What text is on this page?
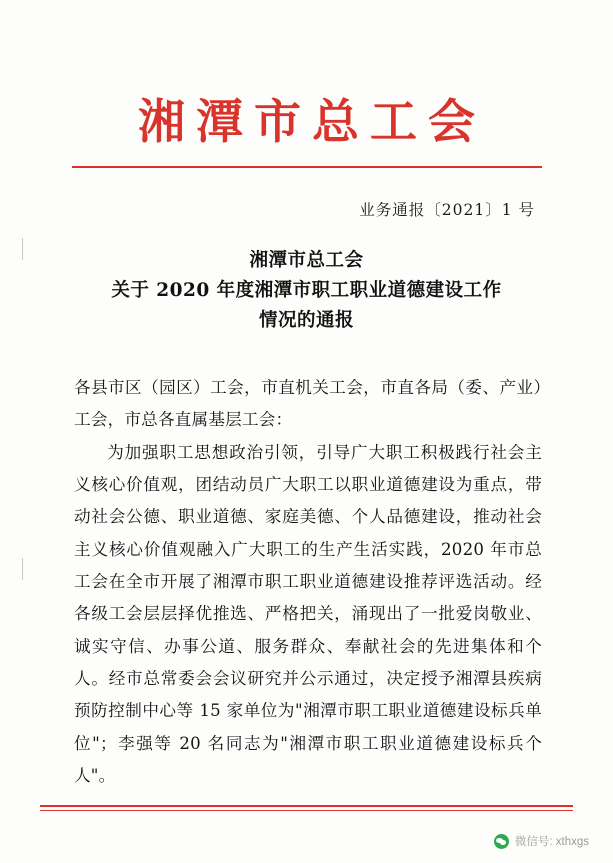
湘潭市总工会
业务通报〔2021〕1 号
湘潭市总工会
关于 2020 年度湘潭市职工职业道德建设工作
情况的通报

各县市区（园区）工会，市直机关工会，市直各局（委、产业）工会，市总各直属基层工会：

为加强职工思想政治引领，引导广大职工积极践行社会主义核心价值观，团结动员广大职工以职业道德建设为重点，带动社会公德、职业道德、家庭美德、个人品德建设，推动社会主义核心价值观融入广大职工的生产生活实践，2020 年市总工会在全市开展了湘潭市职工职业道德建设推荐评选活动。经各级工会层层择优推选、严格把关，涌现出了一批爱岗敬业、诚实守信、办事公道、服务群众、奉献社会的先进集体和个人。经市总常委会会议研究并公示通过，决定授予湘潭县疾病预防控制中心等 15 家单位为"湘潭市职工职业道德建设标兵单位"；李强等 20 名同志为"湘潭市职工职业道德建设标兵个人"。

微信号: xthxgs
